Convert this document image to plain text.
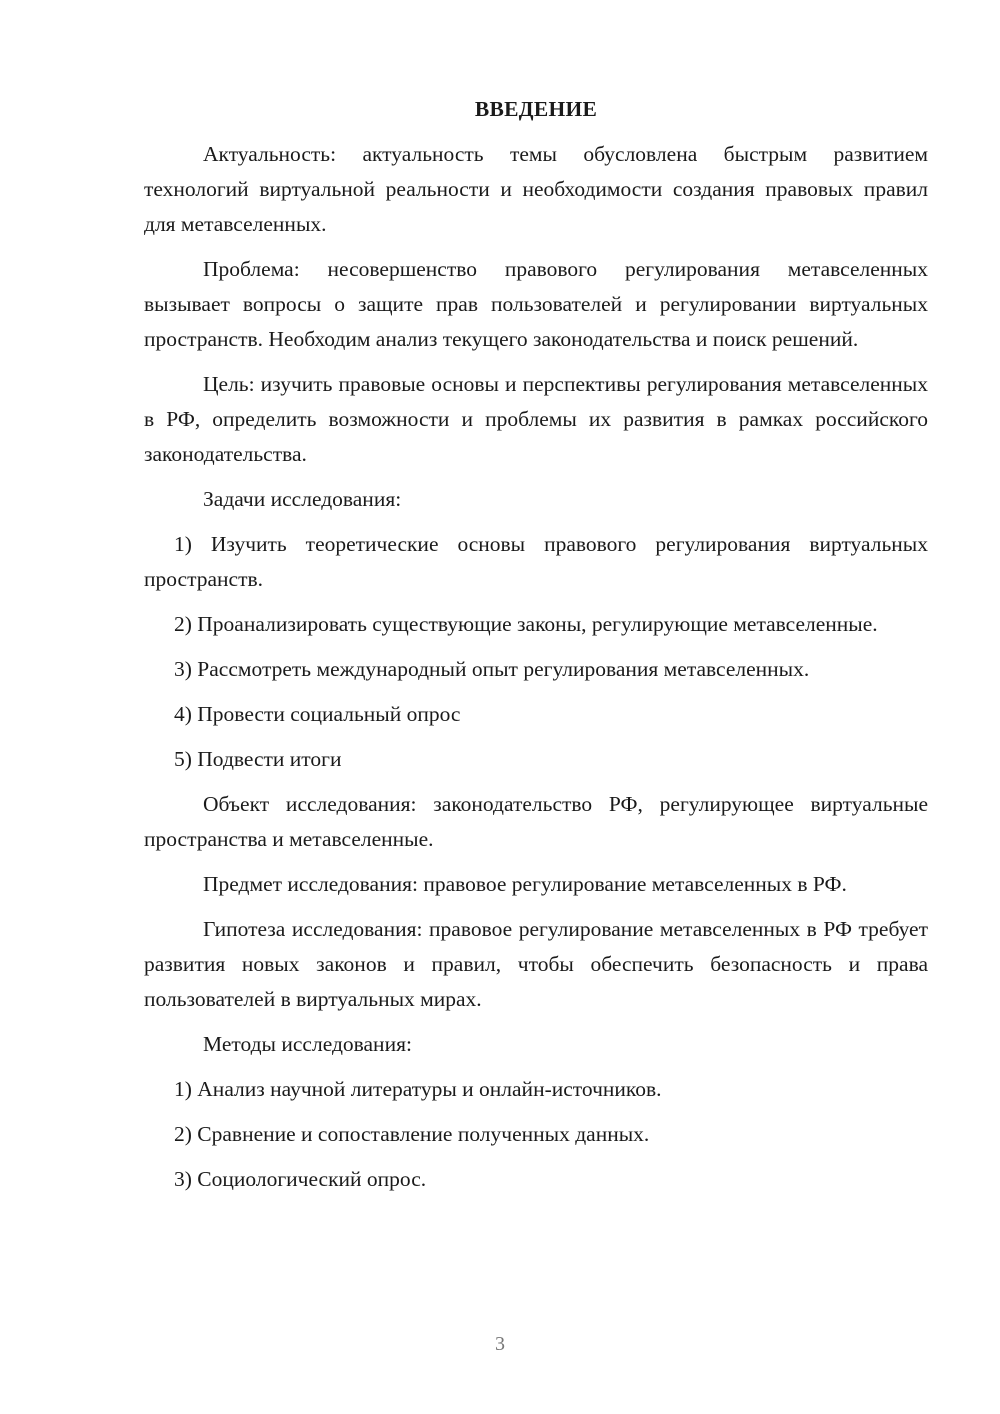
ВВЕДЕНИЕ

Актуальность: актуальность темы обусловлена быстрым развитием технологий виртуальной реальности и необходимости создания правовых правил для метавселенных.

Проблема: несовершенство правового регулирования метавселенных вызывает вопросы о защите прав пользователей и регулировании виртуальных пространств. Необходим анализ текущего законодательства и поиск решений.

Цель: изучить правовые основы и перспективы регулирования метавселенных в РФ, определить возможности и проблемы их развития в рамках российского законодательства.

Задачи исследования:

1) Изучить теоретические основы правового регулирования виртуальных пространств.

2) Проанализировать существующие законы, регулирующие метавселенные.

3) Рассмотреть международный опыт регулирования метавселенных.

4) Провести социальный опрос

5) Подвести итоги

Объект исследования: законодательство РФ, регулирующее виртуальные пространства и метавселенные.

Предмет исследования: правовое регулирование метавселенных в РФ.

Гипотеза исследования: правовое регулирование метавселенных в РФ требует развития новых законов и правил, чтобы обеспечить безопасность и права пользователей в виртуальных мирах.

Методы исследования:

1) Анализ научной литературы и онлайн-источников.

2) Сравнение и сопоставление полученных данных.

3) Социологический опрос.

3
